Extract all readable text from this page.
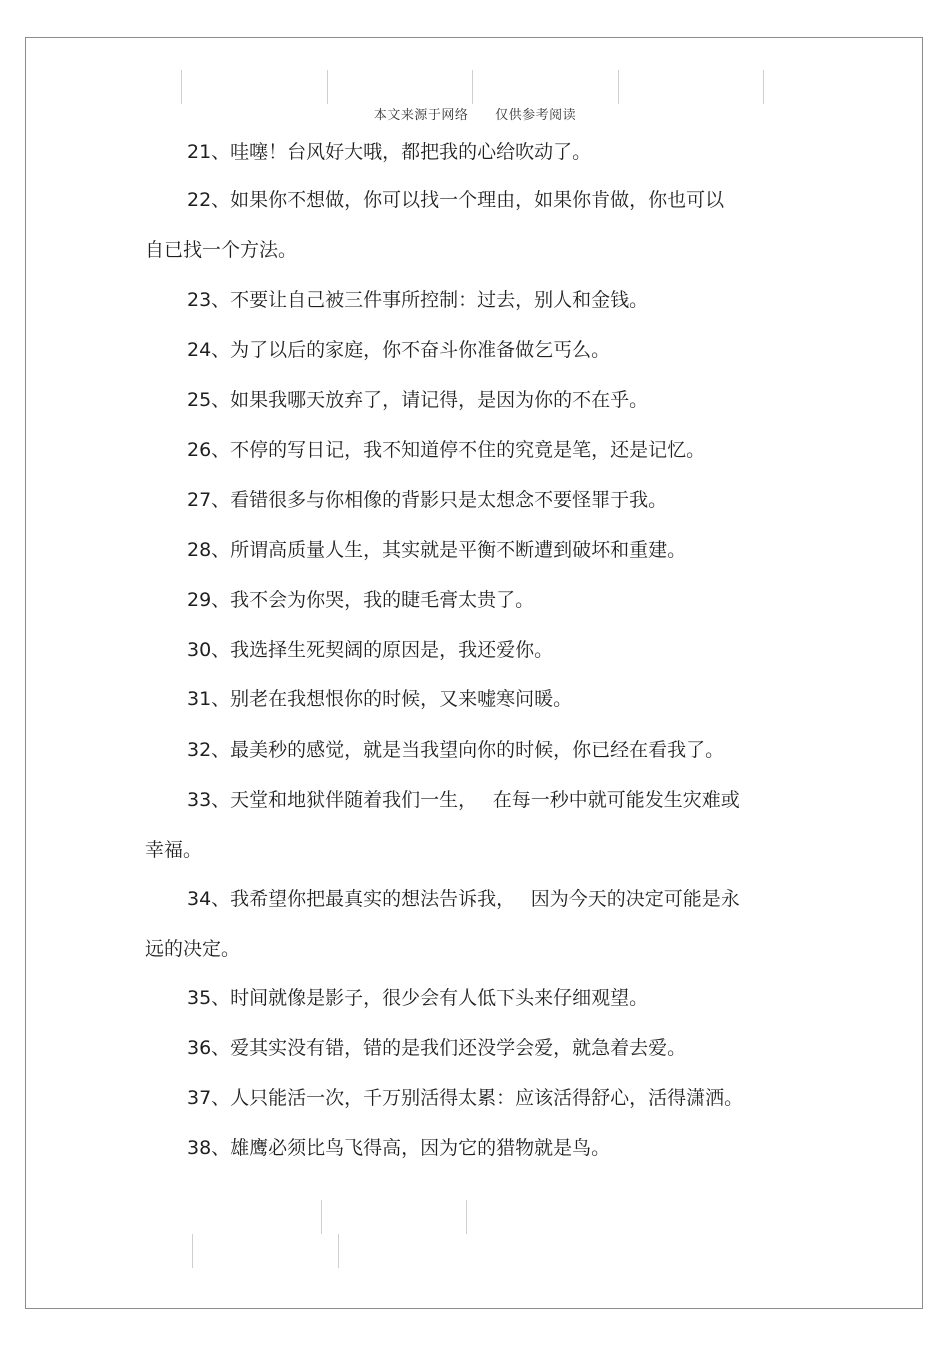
本文来源于网络 仅供参考阅读
21、哇噻！台风好大哦，都把我的心给吹动了。
22、如果你不想做，你可以找一个理由，如果你肯做，你也可以
自已找一个方法。
23、不要让自己被三件事所控制：过去，别人和金钱。
24、为了以后的家庭，你不奋斗你准备做乞丐么。
25、如果我哪天放弃了，请记得，是因为你的不在乎。
26、不停的写日记，我不知道停不住的究竟是笔，还是记忆。
27、看错很多与你相像的背影只是太想念不要怪罪于我。
28、所谓高质量人生，其实就是平衡不断遭到破坏和重建。
29、我不会为你哭，我的睫毛膏太贵了。
30、我选择生死契阔的原因是，我还爱你。
31、别老在我想恨你的时候，又来嘘寒问暖。
32、最美秒的感觉，就是当我望向你的时候，你已经在看我了。
33、天堂和地狱伴随着我们一生，　 在每一秒中就可能发生灾难或
幸福。
34、我希望你把最真实的想法告诉我，　 因为今天的决定可能是永
远的决定。
35、时间就像是影子，很少会有人低下头来仔细观望。
36、爱其实没有错，错的是我们还没学会爱，就急着去爱。
37、人只能活一次，千万别活得太累：应该活得舒心，活得潇洒。
38、雄鹰必须比鸟飞得高，因为它的猎物就是鸟。
